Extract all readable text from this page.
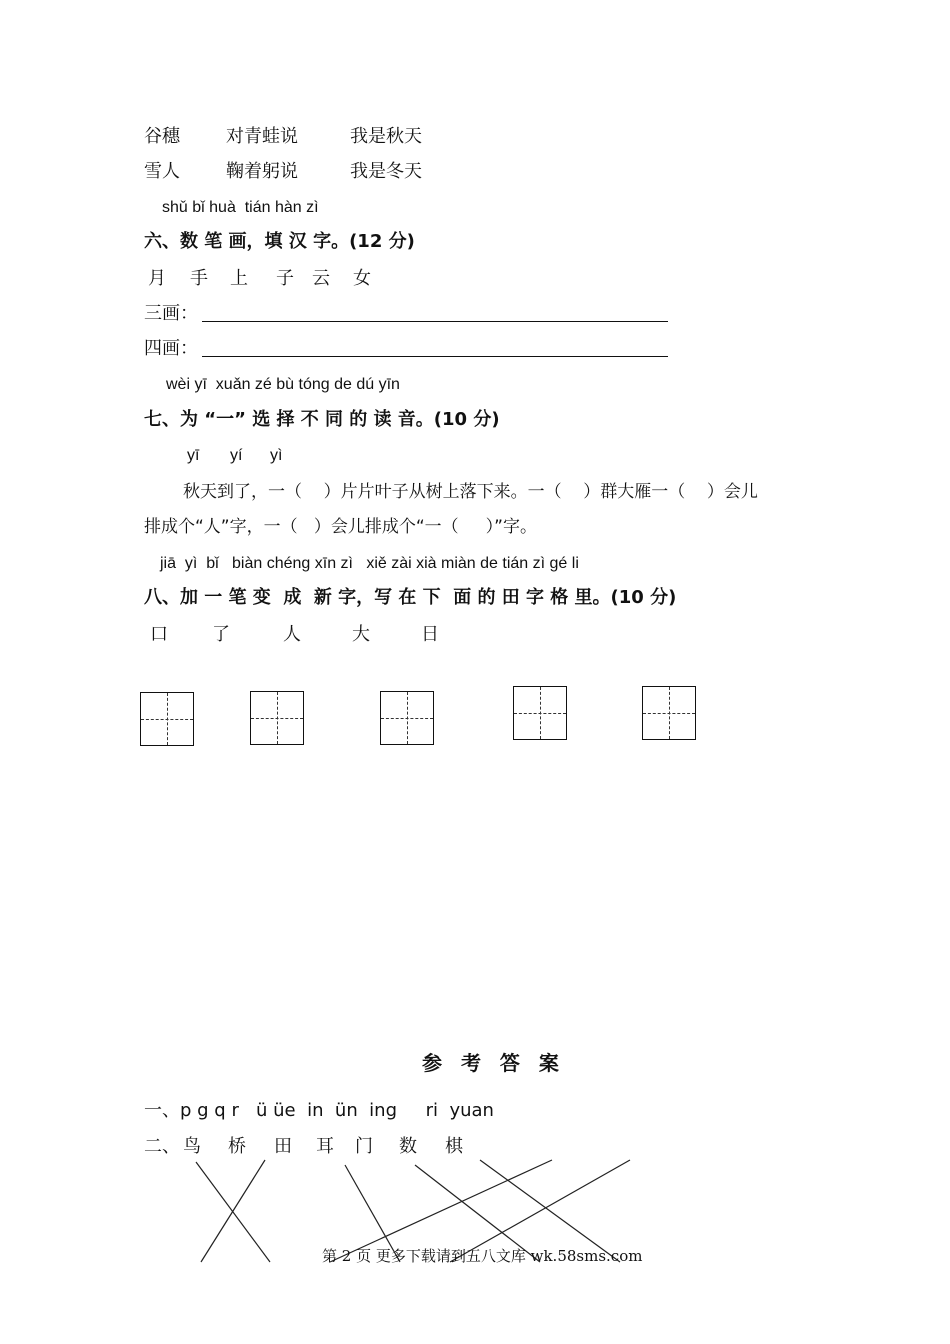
谷穗	对青蛙说	我是秋天
雪人	鞠着躬说	我是冬天
shǔ bǐ huà  tián hàn zì
六、数 笔 画，填 汉 字。(12 分)
月 手 上 子 云 女
三画：
四画：
wèi yī  xuǎn zé bù tóng de dú yīn
七、为 “一” 选 择 不 同 的 读 音。(10 分)
yī yí yì
秋天到了，一（    ）片片叶子从树上落下来。一（    ）群大雁一（    ）会儿
排成个“人”字，一（   ）会儿排成个“一（     ）”字。
jiā  yì  bǐ   biàn chéng xīn zì   xiě zài xià miàn de tián zì gé li
八、加 一 笔 变  成  新 字，写 在 下  面 的 田 字 格 里。(10 分)
口 了	人	大	日
参 考 答 案
一、p g q r   ü üe  in  ün  ing     ri  yuan
二、 鸟 桥 田 耳 门 数 棋
第 2 页 更多下载请到五八文库 wk.58sms.com
